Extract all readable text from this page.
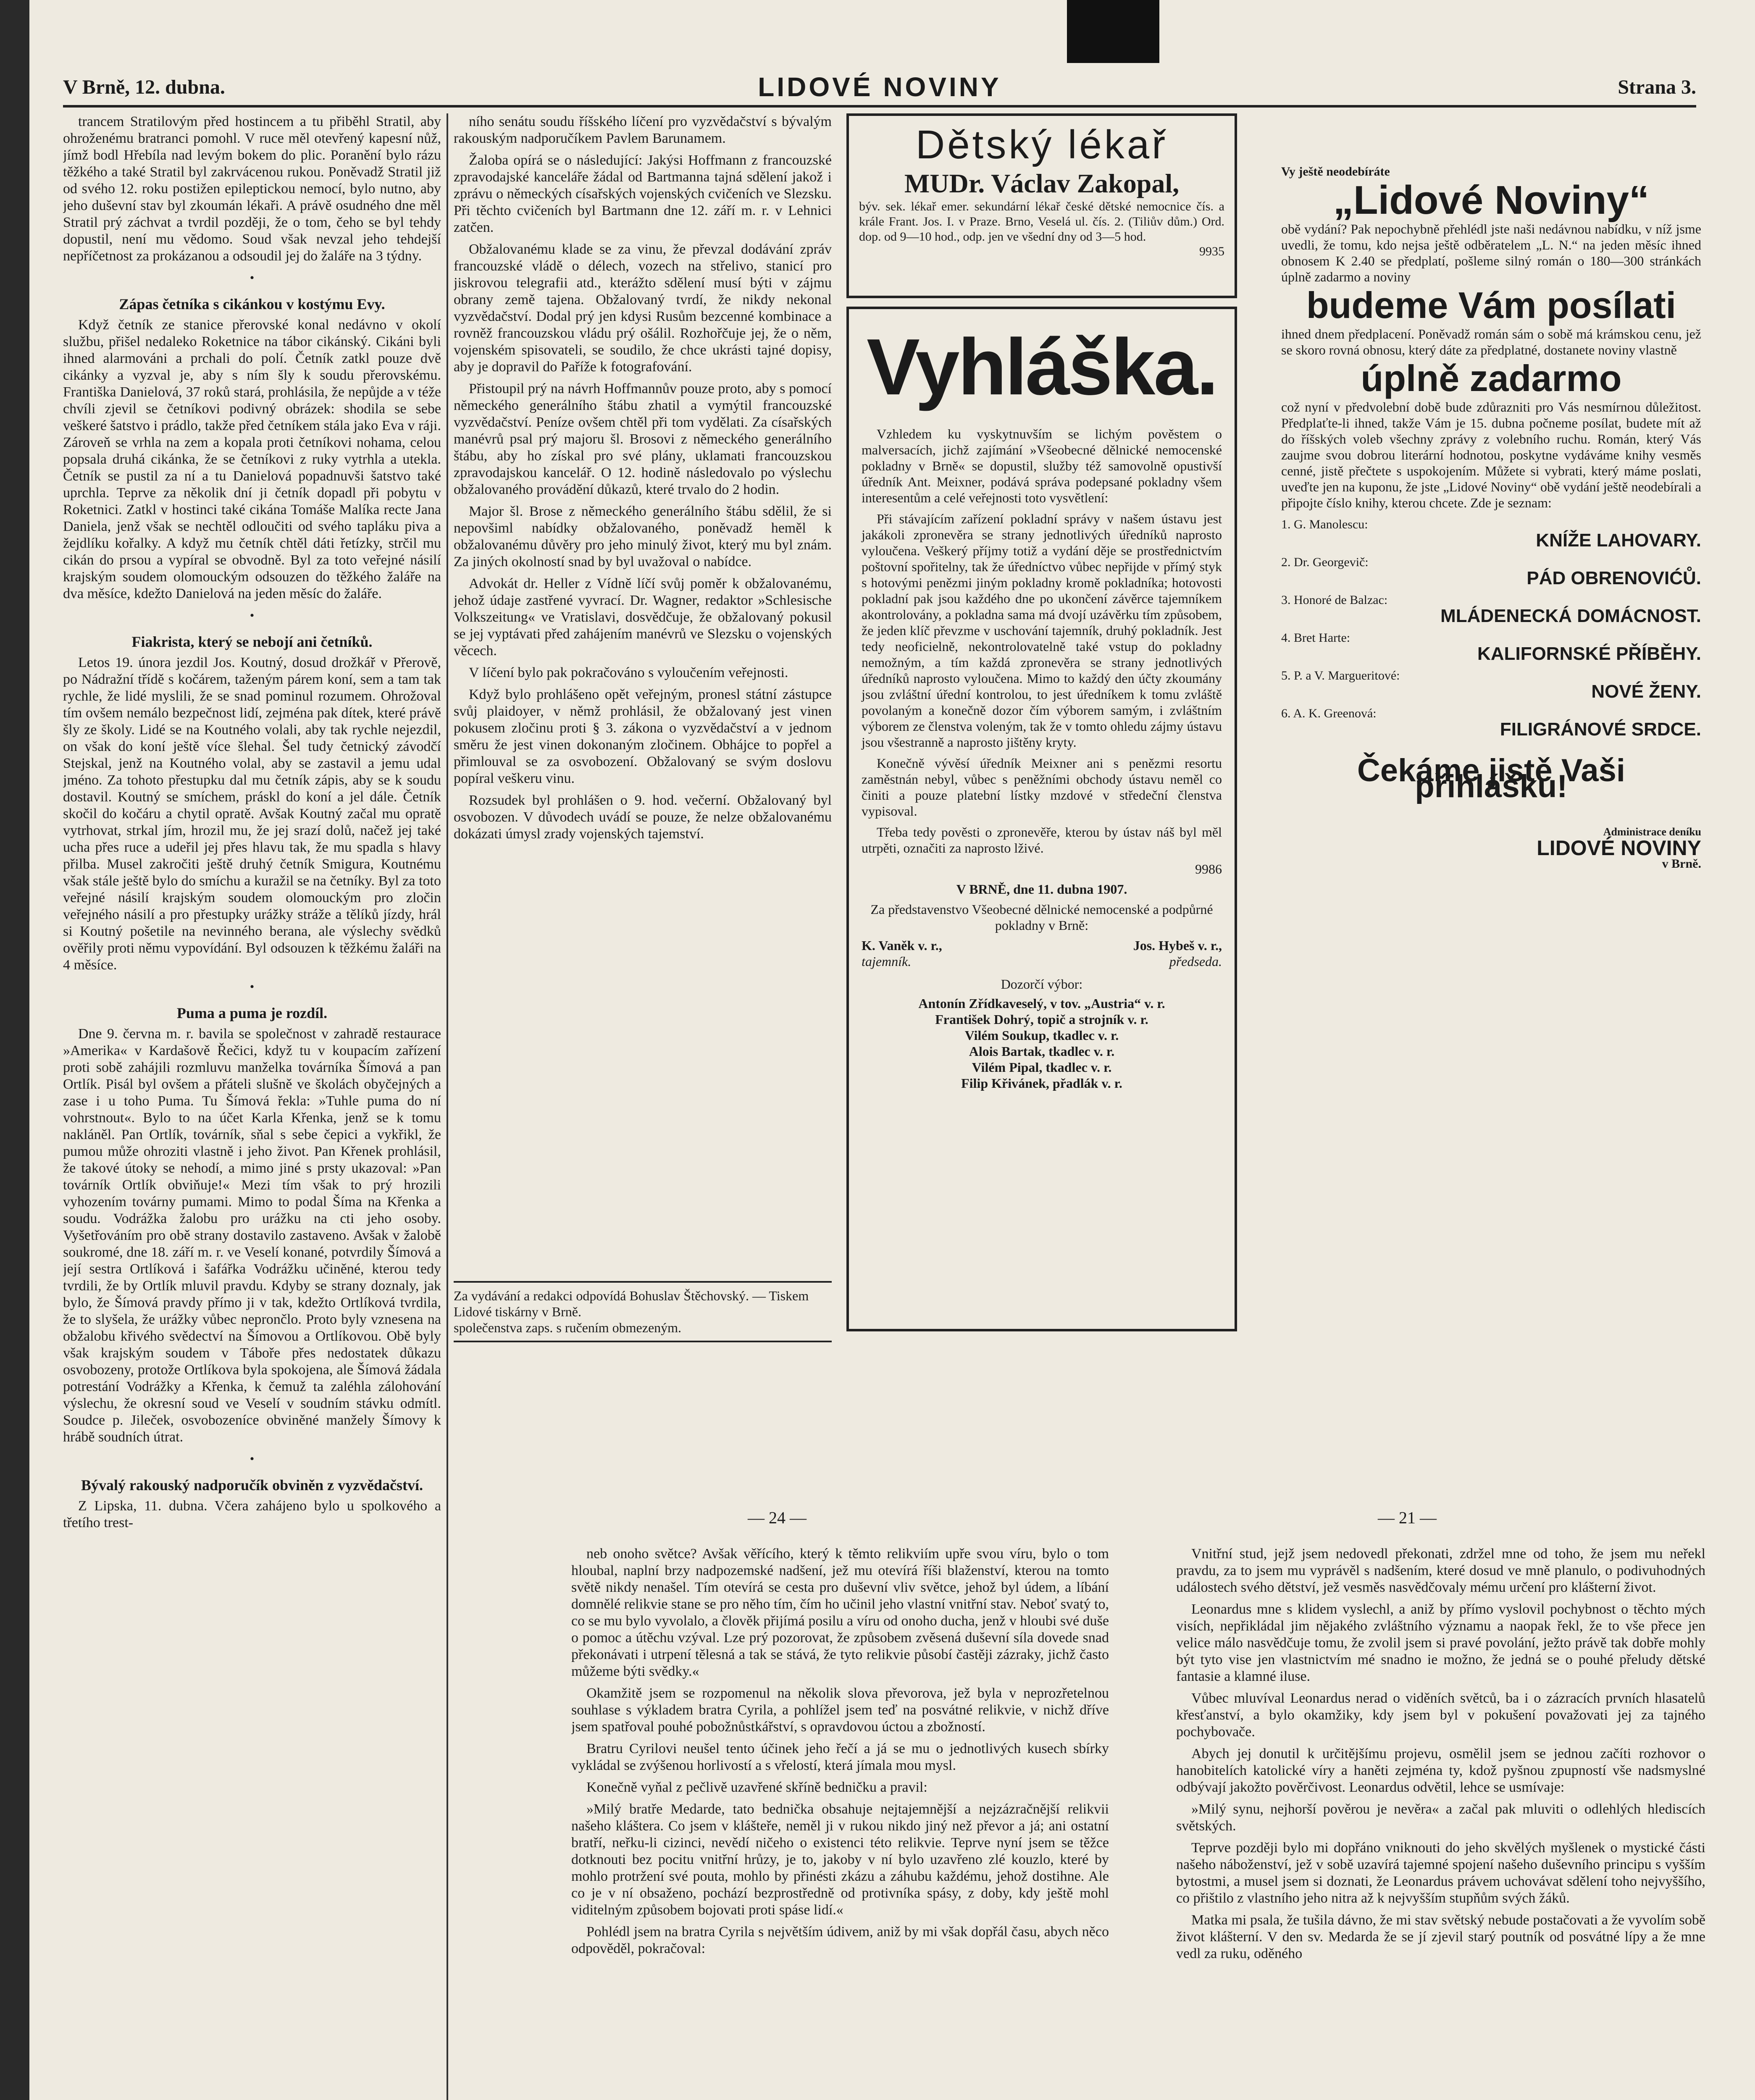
V Brně, 12. dubna.	LIDOVÉ NOVINY	Strana 3.

trancem Stratilovým před hostincem a tu přiběhl Stratil, aby ohroženému bratranci pomohl. V ruce měl otevřený kapesní nůž, jímž bodl Hřebíla nad levým bokem do plic. Poranění bylo rázu těžkého a také Stratil byl zakrvácenou rukou. Poněvadž Stratil již od svého 12. roku postižen epileptickou nemocí, bylo nutno, aby jeho duševní stav byl zkoumán lékaři. A právě osudného dne měl Stratil prý záchvat a tvrdil později, že o tom, čeho se byl tehdy dopustil, není mu vědomo. Soud však nevzal jeho tehdejší nepříčetnost za prokázanou a odsoudil jej do žaláře na 3 týdny.

•
Zápas četníka s cikánkou v kostýmu Evy.

Když četník ze stanice přerovské konal nedávno v okolí službu, přišel nedaleko Roketnice na tábor cikánský. Cikáni byli ihned alarmováni a prchali do polí. Četník zatkl pouze dvě cikánky a vyzval je, aby s ním šly k soudu přerovskému. Františka Danielová, 37 roků stará, prohlásila, že nepůjde a v téže chvíli zjevil se četníkovi podivný obrázek: shodila se sebe veškeré šatstvo i prádlo, takže před četníkem stála jako Eva v ráji. Zároveň se vrhla na zem a kopala proti četníkovi nohama, celou popsala druhá cikánka, že se četníkovi z ruky vytrhla a utekla. Četník se pustil za ní a tu Danielová popadnuvši šatstvo také uprchla. Teprve za několik dní ji četník dopadl při pobytu v Roketnici. Zatkl v hostinci také cikána Tomáše Malíka recte Jana Daniela, jenž však se nechtěl odloučiti od svého tapláku piva a žejdlíku kořalky. A když mu četník chtěl dáti řetízky, strčil mu cikán do prsou a vypíral se obvodně. Byl za toto veřejné násilí krajským soudem olomouckým odsouzen do těžkého žaláře na dva měsíce, kdežto Danielová na jeden měsíc do žaláře.

•
Fiakrista, který se nebojí ani četníků.

Letos 19. února jezdil Jos. Koutný, dosud drožkář v Přerově, po Nádražní třídě s kočárem, taženým párem koní, sem a tam tak rychle, že lidé myslili, že se snad pominul rozumem. Ohrožoval tím ovšem nemálo bezpečnost lidí, zejména pak dítek, které právě šly ze školy. Lidé se na Koutného volali, aby tak rychle nejezdil, on však do koní ještě více šlehal. Šel tudy četnický závodčí Stejskal, jenž na Koutného volal, aby se zastavil a jemu udal jméno. Za tohoto přestupku dal mu četník zápis, aby se k soudu dostavil. Koutný se smíchem, práskl do koní a jel dále. Četník skočil do kočáru a chytil opratě. Avšak Koutný začal mu opratě vytrhovat, strkal jím, hrozil mu, že jej srazí dolů, načež jej také ucha přes ruce a udeřil jej přes hlavu tak, že mu spadla s hlavy přilba. Musel zakročiti ještě druhý četník Smigura, Koutnému však stále ještě bylo do smíchu a kuražil se na četníky. Byl za toto veřejné násilí krajským soudem olomouckým pro zločin veřejného násilí a pro přestupky urážky stráže a tělíků jízdy, hrál si Koutný pošetile na nevinného berana, ale výslechy svědků ověřily proti němu vypovídání. Byl odsouzen k těžkému žaláři na 4 měsíce.

•
Puma a puma je rozdíl.

Dne 9. června m. r. bavila se společnost v zahradě restaurace »Amerika« v Kardašově Řečici, když tu v koupacím zařízení proti sobě zahájili rozmluvu manželka továrníka Šímová a pan Ortlík. Pisál byl ovšem a přáteli slušně ve školách obyčejných a zase i u toho Puma. Tu Šímová řekla: »Tuhle puma do ní vohrstnout«. Bylo to na účet Karla Křenka, jenž se k tomu nakláněl. Pan Ortlík, továrník, sňal s sebe čepici a vykřikl, že pumou může ohroziti vlastně i jeho život. Pan Křenek prohlásil, že takové útoky se nehodí, a mimo jiné s prsty ukazoval: »Pan továrník Ortlík obviňuje!« Mezi tím však to prý hrozili vyhozením továrny pumami. Mimo to podal Šíma na Křenka a soudu. Vodrážka žalobu pro urážku na cti jeho osoby. Vyšetřováním pro obě strany dostavilo zastaveno. Avšak v žalobě soukromé, dne 18. září m. r. ve Veselí konané, potvrdily Šímová a její sestra Ortlíková i šafářka Vodrážku učiněné, kterou tedy tvrdili, že by Ortlík mluvil pravdu. Kdyby se strany doznaly, jak bylo, že Šímová pravdy přímo ji v tak, kdežto Ortlíková tvrdila, že to slyšela, že urážky vůbec neprončlo. Proto byly vznesena na obžalobu křivého svědectví na Šímovou a Ortlíkovou. Obě byly však krajským soudem v Táboře přes nedostatek důkazu osvobozeny, protože Ortlíkova byla spokojena, ale Šímová žádala potrestání Vodrážky a Křenka, k čemuž ta zaléhla zálohování výslechu, že okresní soud ve Veselí v soudním stávku odmítl. Soudce p. Jileček, osvobozeníce obviněné manžely Šímovy k hrábě soudních útrat.

•
Bývalý rakouský nadporučík obviněn z vyzvědačství.

Z Lipska, 11. dubna. Včera zahájeno bylo u spolkového a třetího trest-

ního senátu soudu říšského líčení pro vyzvědačství s bývalým rakouským nadporučíkem Pavlem Barunamem.

Žaloba opírá se o následující: Jakýsi Hoffmann z francouzské zpravodajské kanceláře žádal od Bartmanna tajná sdělení jakož i zprávu o německých císařských vojenských cvičeních ve Slezsku. Při těchto cvičeních byl Bartmann dne 12. září m. r. v Lehnici zatčen.

Obžalovanému klade se za vinu, že převzal dodávání zpráv francouzské vládě o délech, vozech na střelivo, stanicí pro jiskrovou telegrafii atd., kterážto sdělení musí býti v zájmu obrany země tajena. Obžalovaný tvrdí, že nikdy nekonal vyzvědačství. Dodal prý jen kdysi Rusům bezcenné kombinace a rovněž francouzskou vládu prý ošálil. Rozhořčuje jej, že o něm, vojenském spisovateli, se soudilo, že chce ukrásti tajné dopisy, aby je dopravil do Paříže k fotografování.

Přistoupil prý na návrh Hoffmannův pouze proto, aby s pomocí německého generálního štábu zhatil a vymýtil francouzské vyzvědačství. Peníze ovšem chtěl při tom vydělati. Za císařských manévrů psal prý majoru šl. Brosovi z německého generálního štábu, aby ho získal pro své plány, uklamati francouzskou zpravodajskou kancelář. O 12. hodině následovalo po výslechu obžalovaného provádění důkazů, které trvalo do 2 hodin.

Major šl. Brose z německého generálního štábu sdělil, že si nepovšiml nabídky obžalovaného, poněvadž heměl k obžalovanému důvěry pro jeho minulý život, který mu byl znám. Za jiných okolností snad by byl uvažoval o nabídce.

Advokát dr. Heller z Vídně líčí svůj poměr k obžalovanému, jehož údaje zastřené vyvrací. Dr. Wagner, redaktor »Schlesische Volkszeitung« ve Vratislavi, dosvědčuje, že obžalovaný pokusil se jej vyptávati před zahájením manévrů ve Slezsku o vojenských věcech.

V líčení bylo pak pokračováno s vyloučením veřejnosti.

Když bylo prohlášeno opět veřejným, pronesl státní zástupce svůj plaidoyer, v němž prohlásil, že obžalovaný jest vinen pokusem zločinu proti § 3. zákona o vyzvědačství a v jednom směru že jest vinen dokonaným zločinem. Obhájce to popřel a přimlouval se za osvobození. Obžalovaný se svým doslovu popíral veškeru vinu.

Rozsudek byl prohlášen o 9. hod. večerní. Obžalovaný byl osvobozen. V důvodech uvádí se pouze, že nelze obžalovanému dokázati úmysl zrady vojenských tajemství.

Za vydávání a redakci odpovídá Bohuslav Štěchovský. — Tiskem Lidové tiskárny v Brně.
společenstva zaps. s ručením obmezeným.
Dětský lékař
MUDr. Václav Zakopal,
býv. sek. lékař emer. sekundární lékař české dětské nemocnice čís. a krále Frant. Jos. I. v Praze. Brno, Veselá ul. čís. 2. (Tiliův dům.) Ord. dop. od 9—10 hod., odp. jen ve všední dny od 3—5 hod.
9935
Vyhláška.

Vzhledem ku vyskytnuvším se lichým pověstem o malversacích, jichž zajímání »Všeobecné dělnické nemocenské pokladny v Brně« se dopustil, služby též samovolně opustivší úředník Ant. Meixner, podává správa podepsané pokladny všem interesentům a celé veřejnosti toto vysvětlení:

Při stávajícím zařízení pokladní správy v našem ústavu jest jakákoli zpronevěra se strany jednotlivých úředníků naprosto vyloučena. Veškerý příjmy totiž a vydání děje se prostřednictvím poštovní spořitelny, tak že úředníctvo vůbec nepřijde v přímý styk s hotovými penězmi jiným pokladny kromě pokladníka; hotovosti pokladní pak jsou každého dne po ukončení závěrce tajemníkem akontrolovány, a pokladna sama má dvojí uzávěrku tím způsobem, že jeden klíč převzme v uschování tajemník, druhý pokladník. Jest tedy neoficielně, nekontrolovatelně také vstup do pokladny nemožným, a tím každá zpronevěra se strany jednotlivých úředníků naprosto vyloučena. Mimo to každý den účty zkoumány jsou zvláštní úřední kontrolou, to jest úředníkem k tomu zvláště povolaným a konečně dozor čím výborem samým, i zvláštním výborem ze členstva voleným, tak že v tomto ohledu zájmy ústavu jsou všestranně a naprosto jištěny kryty.

Konečně vývěsí úředník Meixner ani s penězmi resortu zaměstnán nebyl, vůbec s peněžními obchody ústavu neměl co činiti a pouze platební lístky mzdové v středeční členstva vypisoval.

Třeba tedy pověsti o zpronevěře, kterou by ústav náš byl měl utrpěti, označiti za naprosto lživé.

9986
V BRNĚ, dne 11. dubna 1907.
Za představenstvo Všeobecné dělnické nemocenské a podpůrné pokladny v Brně:
K. Vaněk v. r.,	Jos. Hybeš v. r.,
tajemník.	předseda.
Dozorčí výbor:
Antonín Zřídkaveselý, v tov. „Austria“ v. r.
František Dohrý, topič a strojník v. r.
Vilém Soukup, tkadlec v. r.
Alois Bartak, tkadlec v. r.
Vilém Pipal, tkadlec v. r.
Filip Křivánek, přadlák v. r.
Vy ještě neodebíráte
„Lidové Noviny“
obě vydání? Pak nepochybně přehlédl jste naši nedávnou nabídku, v níž jsme uvedli, že tomu, kdo nejsa ještě odběratelem „L. N.“ na jeden měsíc ihned obnosem K 2.40 se předplatí, pošleme silný román o 180—300 stránkách úplně zadarmo a noviny
budeme Vám posílati
ihned dnem předplacení. Poněvadž román sám o sobě má krámskou cenu, jež se skoro rovná obnosu, který dáte za předplatné, dostanete noviny vlastně
úplně zadarmo
což nyní v předvolební době bude zdůrazniti pro Vás nesmírnou důležitost. Předplaťte-li ihned, takže Vám je 15. dubna počneme posílat, budete mít až do říšských voleb všechny zprávy z volebního ruchu. Román, který Vás zaujme svou dobrou literární hodnotou, poskytne vydáváme knihy vesměs cenné, jistě přečtete s uspokojením. Můžete si vybrati, který máme poslati, uveďte jen na kuponu, že jste „Lidové Noviny“ obě vydání ještě neodebírali a připojte číslo knihy, kterou chcete. Zde je seznam:
1. G. Manolescu:
KNÍŽE LAHOVARY.
2. Dr. Georgevič:
PÁD OBRENOVIĆŮ.
3. Honoré de Balzac:
MLÁDENECKÁ DOMÁCNOST.
4. Bret Harte:
KALIFORNSKÉ PŘÍBĚHY.
5. P. a V. Margueritové:
NOVÉ ŽENY.
6. A. K. Greenová:
FILIGRÁNOVÉ SRDCE.
Čekáme jistě Vaši přihlášku!
Administrace deníku
LIDOVÉ NOVINY
v Brně.
— 24 —	— 21 —

neb onoho světce? Avšak věřícího, který k těmto relikviím upře svou víru, bylo o tom hloubal, naplní brzy nadpozemské nadšení, jež mu otevírá říši blaženství, kterou na tomto světě nikdy nenašel. Tím otevírá se cesta pro duševní vliv světce, jehož byl údem, a líbání domnělé relikvie stane se pro něho tím, čím ho učinil jeho vlastní vnitřní stav. Neboť svatý to, co se mu bylo vyvolalo, a člověk přijímá posilu a víru od onoho ducha, jenž v hloubi své duše o pomoc a útěchu vzýval. Lze prý pozorovat, že způsobem zvěsená duševní síla dovede snad překonávati i utrpení tělesná a tak se stává, že tyto relikvie působí častěji zázraky, jichž často můžeme býti svědky.«

Okamžitě jsem se rozpomenul na několik slova převorova, jež byla v neprozřetelnou souhlase s výkladem bratra Cyrila, a pohlížel jsem teď na posvátné relikvie, v nichž dříve jsem spatřoval pouhé pobožnůstkářství, s opravdovou úctou a zbožností.

Bratru Cyrilovi neušel tento účinek jeho řečí a já se mu o jednotlivých kusech sbírky vykládal se zvýšenou horlivostí a s vřelostí, která jímala mou mysl.

Konečně vyňal z pečlivě uzavřené skříně bedničku a pravil:

»Milý bratře Medarde, tato bednička obsahuje nejtajemnější a nejzázračnější relikvii našeho kláštera. Co jsem v klášteře, neměl ji v rukou nikdo jiný než převor a já; ani ostatní bratří, neřku-li cizinci, nevědí ničeho o existenci této relikvie. Teprve nyní jsem se těžce dotknouti bez pocitu vnitřní hrůzy, je to, jakoby v ní bylo uzavřeno zlé kouzlo, které by mohlo protržení své pouta, mohlo by přinésti zkázu a záhubu každému, jehož dostihne. Ale co je v ní obsaženo, pochází bezprostředně od protivníka spásy, z doby, kdy ještě mohl viditelným způsobem bojovati proti spáse lidí.«

Pohlédl jsem na bratra Cyrila s největším údivem, aniž by mi však dopřál času, abych něco odpověděl, pokračoval:

Vnitřní stud, jejž jsem nedovedl překonati, zdržel mne od toho, že jsem mu neřekl pravdu, za to jsem mu vyprávěl s nadšením, které dosud ve mně planulo, o podivuhodných událostech svého dětství, jež vesměs nasvědčovaly mému určení pro klášterní život.

Leonardus mne s klidem vyslechl, a aniž by přímo vyslovil pochybnost o těchto mých visích, nepřikládal jim nějakého zvláštního významu a naopak řekl, že to vše přece jen velice málo nasvědčuje tomu, že zvolil jsem si pravé povolání, ježto právě tak dobře mohly být tyto vise jen vlastnictvím mé snadno ie možno, že jedná se o pouhé přeludy dětské fantasie a klamné iluse.

Vůbec mluvíval Leonardus nerad o viděních světců, ba i o zázracích prvních hlasatelů křesťanství, a bylo okamžiky, kdy jsem byl v pokušení považovati jej za tajného pochybovače.

Abych jej donutil k určitějšímu projevu, osmělil jsem se jednou začíti rozhovor o hanobitelích katolické víry a haněti zejména ty, kdož pyšnou zpupností vše nadsmyslné odbývají jakožto pověrčivost. Leonardus odvětil, lehce se usmívaje:

»Milý synu, nejhorší pověrou je nevěra« a začal pak mluviti o odlehlých hlediscích světských.

Teprve později bylo mi dopřáno vniknouti do jeho skvělých myšlenek o mystické části našeho náboženství, jež v sobě uzavírá tajemné spojení našeho duševního principu s vyšším bytostmi, a musel jsem si doznati, že Leonardus právem uchovávat sdělení toho nejvyššího, co přištilo z vlastního jeho nitra až k nejvyšším stupňům svých žáků.

Matka mi psala, že tušila dávno, že mi stav světský nebude postačovati a že vyvolím sobě život klášterní. V den sv. Medarda že se jí zjevil starý poutník od posvátné lípy a že mne vedl za ruku, oděného
